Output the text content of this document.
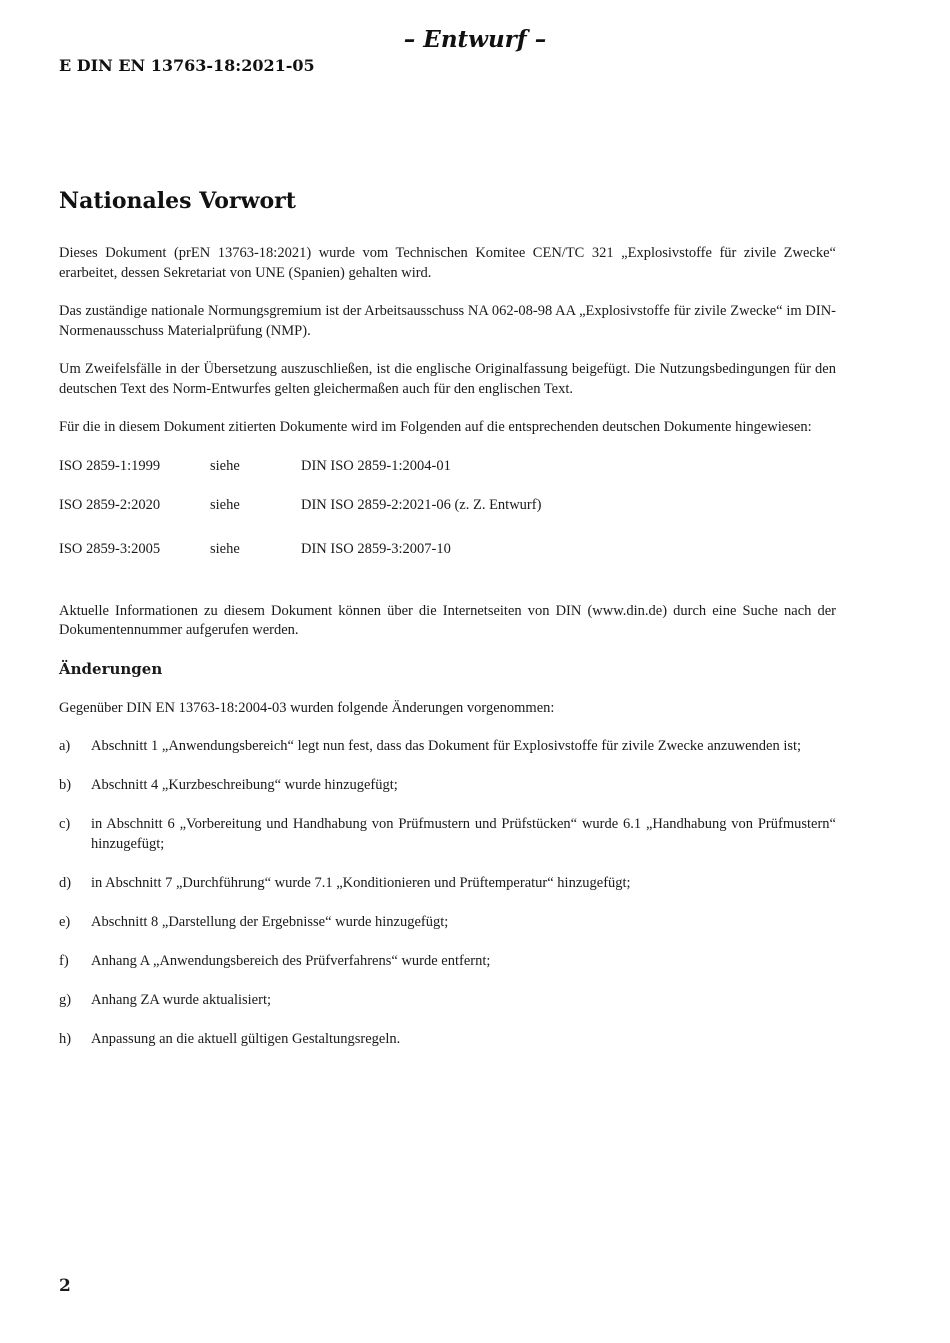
– Entwurf –
E DIN EN 13763-18:2021-05
Nationales Vorwort

Dieses Dokument (prEN 13763-18:2021) wurde vom Technischen Komitee CEN/TC 321 „Explosivstoffe für zivile Zwecke“ erarbeitet, dessen Sekretariat von UNE (Spanien) gehalten wird.

Das zuständige nationale Normungsgremium ist der Arbeitsausschuss NA 062-08-98 AA „Explosivstoffe für zivile Zwecke“ im DIN-Normenausschuss Materialprüfung (NMP).

Um Zweifelsfälle in der Übersetzung auszuschließen, ist die englische Originalfassung beigefügt. Die Nutzungsbedingungen für den deutschen Text des Norm-Entwurfes gelten gleichermaßen auch für den englischen Text.

Für die in diesem Dokument zitierten Dokumente wird im Folgenden auf die entsprechenden deutschen Dokumente hingewiesen:

ISO 2859-1:1999	siehe	DIN ISO 2859-1:2004-01
ISO 2859-2:2020	siehe	DIN ISO 2859-2:2021-06 (z. Z. Entwurf)
ISO 2859-3:2005	siehe	DIN ISO 2859-3:2007-10

Aktuelle Informationen zu diesem Dokument können über die Internetseiten von DIN (www.din.de) durch eine Suche nach der Dokumentennummer aufgerufen werden.

Änderungen

Gegenüber DIN EN 13763-18:2004-03 wurden folgende Änderungen vorgenommen:

a)	Abschnitt 1 „Anwendungsbereich“ legt nun fest, dass das Dokument für Explosivstoffe für zivile Zwecke anzuwenden ist;
b)	Abschnitt 4 „Kurzbeschreibung“ wurde hinzugefügt;
c)	in Abschnitt 6 „Vorbereitung und Handhabung von Prüfmustern und Prüfstücken“ wurde 6.1 „Handhabung von Prüfmustern“ hinzugefügt;
d)	in Abschnitt 7 „Durchführung“ wurde 7.1 „Konditionieren und Prüftemperatur“ hinzugefügt;
e)	Abschnitt 8 „Darstellung der Ergebnisse“ wurde hinzugefügt;
f)	Anhang A „Anwendungsbereich des Prüfverfahrens“ wurde entfernt;
g)	Anhang ZA wurde aktualisiert;
h)	Anpassung an die aktuell gültigen Gestaltungsregeln.
2
